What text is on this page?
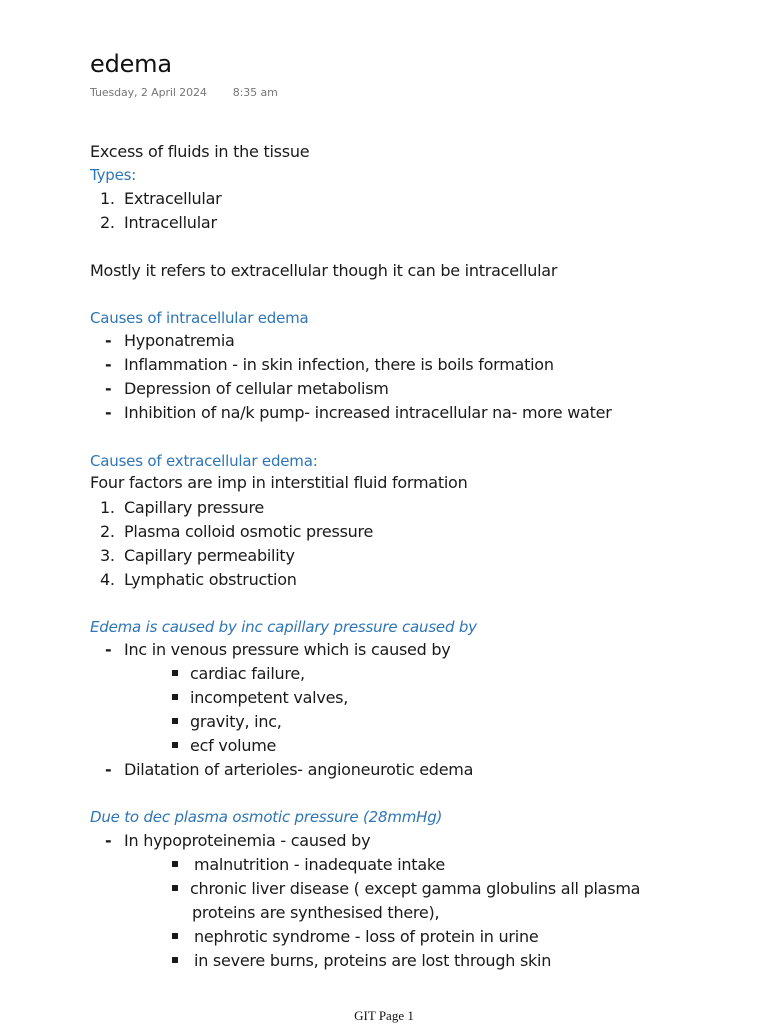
edema
Tuesday, 2 April 2024 8:35 am
Excess of fluids in the tissue
Types:
1. Extracellular
2. Intracellular
Mostly it refers to extracellular though it can be intracellular
Causes of intracellular edema
- Hyponatremia
- Inflammation - in skin infection, there is boils formation
- Depression of cellular metabolism
- Inhibition of na/k pump- increased intracellular na- more water
Causes of extracellular edema:
Four factors are imp in interstitial fluid formation
1. Capillary pressure
2. Plasma colloid osmotic pressure
3. Capillary permeability
4. Lymphatic obstruction
Edema is caused by inc capillary pressure caused by
- Inc in venous pressure which is caused by
cardiac failure,
incompetent valves,
gravity, inc,
ecf volume
- Dilatation of arterioles- angioneurotic edema
Due to dec plasma osmotic pressure (28mmHg)
- In hypoproteinemia - caused by
malnutrition - inadequate intake
chronic liver disease ( except gamma globulins all plasma
proteins are synthesised there),
nephrotic syndrome - loss of protein in urine
in severe burns, proteins are lost through skin
GIT Page 1
